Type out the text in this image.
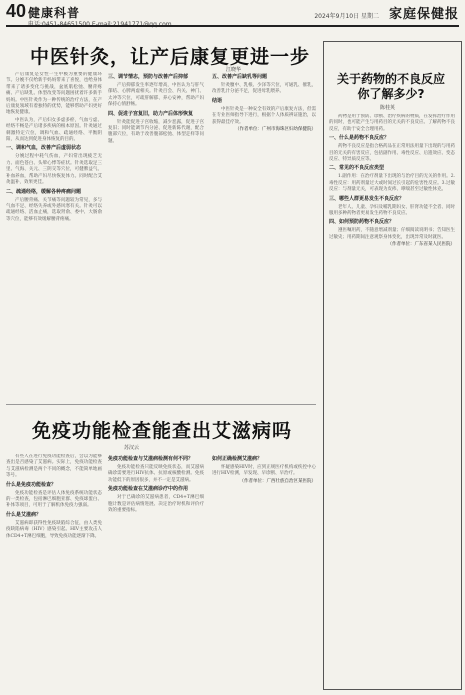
40 健康科普
电话:0451-84651500 E-mail:21941771@qq.com
2024年9月10日 星期二 家庭保健报
中医针灸，让产后康复更进一步
江晓华

产后康复是女性一生中极为重要的健康环节。分娩不仅给新手妈妈带来了喜悦，也给身体带来了诸多变化与挑战，盆底肌松弛、腰背疼痛、产后缺乳、体型改变等问题困扰着许多新手妈妈。中医针灸作为一种传统的治疗方法，在产后康复领域有着独特的优势，能够帮助产妇更好地恢复健康。

中医认为，产后妇女多虚多瘀，气血亏虚、经络不畅是产后诸多疾病的根本原因。针灸通过刺激特定穴位，调和气血、疏通经络、平衡阴阳，从而达到促进身体恢复的目的。

一、调和气血，改善产后虚弱状态

分娩过程中耗气伤血，产妇常出现疲乏无力、面色苍白、头晕心悸等症状。针灸选取足三里、气海、关元、三阴交等穴位，可健脾益气、补血养血，帮助产妇尽快恢复体力。同时配合艾灸温补，效果更佳。

二、疏通经络，缓解各种疼痛问题

产后腰背痛、关节痛等问题较为常见，多与气血不足、经络失养或外感风寒有关。针灸可以疏通经络、活血止痛，选取肾俞、委中、大肠俞等穴位，能够有效缓解腰背疼痛。

三、调节情志，预防与改善产后抑郁

产后抑郁发生率逐年增高，中医认为与肝气郁结、心脾两虚相关。针灸百会、内关、神门、太冲等穴位，可疏肝解郁、养心安神，帮助产妇保持心情舒畅。

四、促进子宫复旧，助力产后体形恢复

针灸能促进子宫收缩，减少恶露，促进子宫复旧；同时能调节内分泌、促进新陈代谢，配合腹部穴位，有助于改善腹部松弛、体型走样等问题。

五、改善产后缺乳等问题

针灸膻中、乳根、少泽等穴位，可通乳、催乳，改善乳汁分泌不足，促进母乳喂养。

结语

中医针灸是一种安全有效的产后康复方法，但需在专业医师指导下进行，根据个人体质辨证施治，以获得最佳疗效。

（作者单位：广州市海珠区妇幼保健院）

免疫功能检查能查出艾滋病吗
苏汉云

有些人在进行免疫功能检查后，会以为能够查出是否感染了艾滋病。实际上，免疫功能检查与艾滋病检测是两个不同的概念，不能简单地画等号。

什么是免疫功能检查？

免疫功能检查是评估人体免疫系统功能状态的一类检查，包括淋巴细胞亚群、免疫球蛋白、补体等项目，可用于了解机体免疫力强弱。

什么是艾滋病？

艾滋病即获得性免疫缺陷综合征，由人类免疫缺陷病毒（HIV）感染引起。HIV主要攻击人体CD4+T淋巴细胞，导致免疫功能逐渐下降。

免疫功能检查与艾滋病检测有何不同？

免疫功能检查只能反映免疫状态，而艾滋病确诊需要进行HIV抗体、抗原或核酸检测。免疫功能低下的原因很多，并不一定是艾滋病。

免疫功能检查在艾滋病诊疗中的作用

对于已确诊的艾滋病患者，CD4+T淋巴细胞计数是评估病情进展、决定治疗时机和评价疗效的重要指标。

如何正确检测艾滋病？

怀疑感染HIV时，应到正规医疗机构或疾控中心进行HIV检测，早发现、早诊断、早治疗。

（作者单位：广西壮族自治区某医院）

关于药物的不良反应你了解多少?
陈桂英

药物是用于预防、诊断、治疗疾病的物质，在发挥治疗作用的同时，也可能产生与用药目的无关的不良反应。了解药物不良反应，有助于安全合理用药。

一、什么是药物不良反应？

药物不良反应是指合格药品在正常用法用量下出现的与用药目的无关的有害反应，包括副作用、毒性反应、后遗效应、变态反应、特异质反应等。

二、常见的不良反应类型

1.副作用：在治疗剂量下出现的与治疗目的无关的作用。2.毒性反应：用药剂量过大或时间过长引起的危害性反应。3.过敏反应：与剂量无关，可表现为皮疹、哮喘甚至过敏性休克。

三、哪些人群更易发生不良反应？

老年人、儿童、孕妇及哺乳期妇女、肝肾功能不全者、同时服用多种药物者更易发生药物不良反应。

四、如何预防药物不良反应？

遵医嘱用药，不随意增减剂量；仔细阅读说明书；告知医生过敏史；用药期间注意观察身体变化，出现异常及时就医。

（作者单位：广东省某人民医院）
